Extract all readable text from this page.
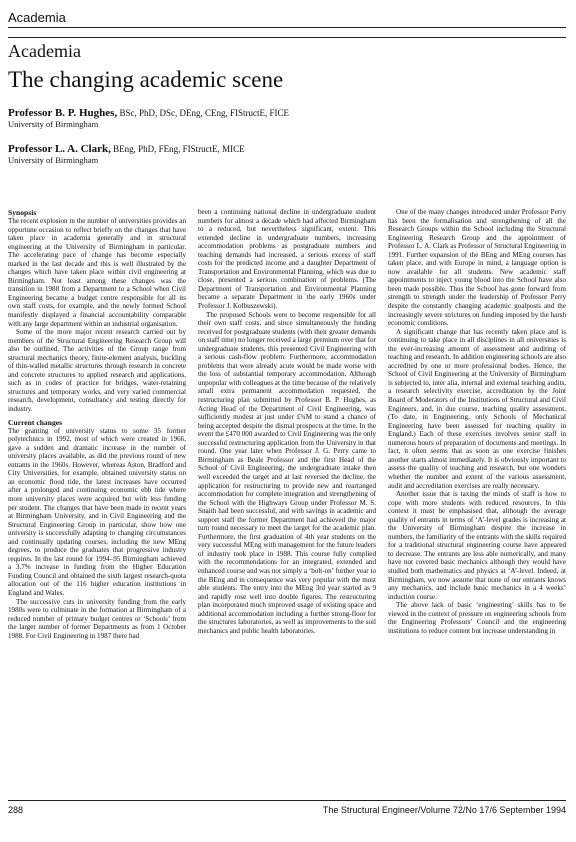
Academia
Academia
The changing academic scene
Professor B. P. Hughes, BSc, PhD, DSc, DEng, CEng, FIStructE, FICE
University of Birmingham
Professor L. A. Clark, BEng, PhD, FEng, FIStructE, MICE
University of Birmingham
Synopsis

The recent explosion in the number of universities provides an opportune occasion to reflect briefly on the changes that have taken place in academia generally and in structural engineering at the University of Birmingham in particular. The accelerating pace of change has become especially marked in the last decade and this is well illustrated by the changes which have taken place within civil engineering at Birmingham. Not least among these changes was the transition in 1988 from a Department to a School when Civil Engineering became a budget centre responsible for all its own staff costs, for example, and the newly formed School manifestly displayed a financial accountability comparable with any large department within an industrial organisation.

Some of the more major recent research carried out by members of the Structural Engineering Research Group will also be outlined. The activities of the Group range from structural mechanics theory, finite-element analysis, buckling of thin-walled metallic structures through research in concrete and concrete structures to applied research and applications, such as in codes of practice for bridges, water-retaining structures and temporary works, and very varied commercial research, development, consultancy and testing directly for industry.

Current changes

The granting of university status to some 35 former polytechnics in 1992, most of which were created in 1966, gave a sudden and dramatic increase in the number of university places available, as did the previous round of new entrants in the 1960s. However, whereas Aston, Bradford and City Universities, for example, obtained university status on an economic flood tide, the latest increases have occurred after a prolonged and continuing economic ebb tide where more university places were acquired but with less funding per student. The changes that have been made in recent years at Birmingham University, and in Civil Engineering and the Structural Engineering Group in particular, show how one university is successfully adapting to changing circumstances and continually updating courses, including the new MEng degrees, to produce the graduates that progressive industry requires. In the last round for 1994–95 Birmingham achieved a 3.7% increase in funding from the Higher Education Funding Council and obtained the sixth largest research-quota allocation out of the 116 higher education institutions in England and Wales.

The successive cuts in university funding from the early 1980s were to culminate in the formation at Birmingham of a reduced number of primary budget centres or ‘Schools’ from the larger number of former Departments as from 1 October 1988. For Civil Engineering in 1987 there had

been a continuing national decline in undergraduate student numbers for almost a decade which had affected Birmingham to a reduced, but nevertheless significant, extent. This extended decline in undergraduate numbers, increasing accommodation problems as postgraduate numbers and teaching demands had increased, a serious excess of staff costs for the predicted income and a daughter Department of Transportation and Environmental Planning, which was due to close, presented a serious combination of problems. (The Department of Transportation and Environmental Planning became a separate Department in the early 1960s under Professor J. Kolbuszewski).

The proposed Schools were to become responsible for all their own staff costs, and since simultaneously the funding received for postgraduate students (with their greater demands on staff time) no longer received a large premium over that for undergraduate students, this presented Civil Engineering with a serious cash-flow problem. Furthermore, accommodation problems that were already acute would be made worse with the loss of substantial temporary accommodation. Although unpopular with colleagues at the time because of the relatively small extra permanent accommodation requested, the restructuring plan submitted by Professor B. P. Hughes, as Acting Head of the Department of Civil Engineering, was sufficiently modest at just under £¾M to stand a chance of being accepted despite the dismal prospects at the time. In the event the £470 000 awarded to Civil Engineering was the only successful restructuring application from the University in that round. One year later when Professor J. G. Perry came to Birmingham as Beale Professor and the first Head of the School of Civil Engineering, the undergraduate intake then well exceeded the target and at last reversed the decline, the application for restructuring to provide new and rearranged accommodation for complete integration and strengthening of the School with the Highways Group under Professor M. S. Snaith had been successful, and with savings in academic and support staff the former Department had achieved the major turn round necessary to meet the target for the academic plan. Furthermore, the first graduation of 4th year students on the very successful MEng with management for the future leaders of industry took place in 1988. This course fully complied with the recommendations for an integrated, extended and enhanced course and was not simply a ‘bolt-on’ further year to the BEng and in consequence was very popular with the most able students. The entry into the MEng 3rd year started as 9 and rapidly rose well into double figures. The restructuring plan incorporated much improved usage of existing space and additional accommodation including a further strong-floor for the structures laboratories, as well as improvements to the soil mechanics and public health laboratories.

One of the many changes introduced under Professor Perry has been the formalisation and strengthening of all the Research Groups within the School including the Structural Engineering Research Group and the appointment of Professor L. A. Clark as Professor of Structural Engineering in 1991. Further expansion of the BEng and MEng courses has taken place, and with Europe in mind, a language option is now available for all students. New academic staff appointments to inject young blood into the School have also been made possible. Thus the School has gone forward from strength to strength under the leadership of Professor Perry despite the constantly changing academic goalposts and the increasingly severe strictures on funding imposed by the harsh economic conditions.

A significant change that has recently taken place and is continuing to take place in all disciplines in all universities is the ever-increasing amount of assessment and auditing of teaching and research. In addition engineering schools are also accredited by one or more professional bodies. Hence, the School of Civil Engineering at the University of Birmingham is subjected to, inter alia, internal and external teaching audits, a research selectivity exercise, accreditation by the Joint Board of Moderators of the Institutions of Structural and Civil Engineers, and, in due course, teaching quality assessment. (To date, in Engineering, only Schools of Mechanical Engineering have been assessed for teaching quality in England.) Each of these exercises involves senior staff in numerous hours of preparation of documents and meetings. In fact, it often seems that as soon as one exercise finishes another starts almost immediately. It is obviously important to assess the quality of teaching and research, but one wonders whether the number and extent of the various assessment, audit and accreditation exercises are really necessary.

Another issue that is taxing the minds of staff is how to cope with more students with reduced resources. In this context it must be emphasised that, although the average quality of entrants in terms of ‘A’-level grades is increasing at the University of Birmingham despite the increase in numbers, the familiarity of the entrants with the skills required for a traditional structural engineering course have appeared to decrease. The entrants are less able numerically, and many have not covered basic mechanics although they would have studied both mathematics and physics at ‘A’-level. Indeed, at Birmingham, we now assume that none of our entrants knows any mechanics, and include basic mechanics in a 4 weeks’ induction course.

The above lack of basic ‘engineering’ skills has to be viewed in the context of pressure on engineering schools from the Engineering Professors’ Council and the engineering institutions to reduce content but increase understanding in

288	The Structural Engineer/Volume 72/No 17/6 September 1994
